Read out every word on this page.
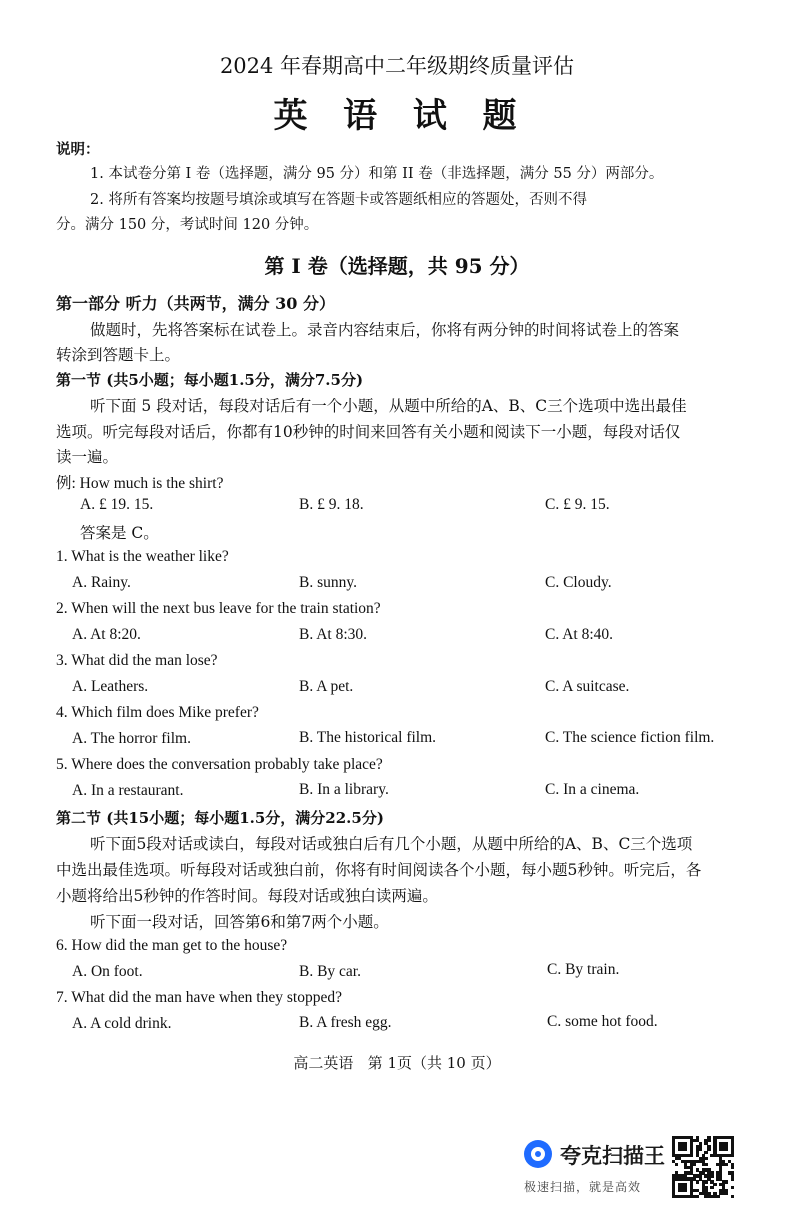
2024 年春期高中二年级期终质量评估
英  语  试  题
说明：
1. 本试卷分第 I 卷（选择题，满分 95 分）和第 II 卷（非选择题，满分 55 分）两部分。
2. 将所有答案均按题号填涂或填写在答题卡或答题纸相应的答题处，否则不得
分。满分 150 分，考试时间 120 分钟。
第 I 卷（选择题，共 95 分）
第一部分 听力（共两节，满分 30 分）
做题时，先将答案标在试卷上。录音内容结束后，你将有两分钟的时间将试卷上的答案
转涂到答题卡上。
第一节 (共5小题；每小题1.5分，满分7.5分)
听下面 5 段对话，每段对话后有一个小题，从题中所给的A、B、C三个选项中选出最佳
选项。听完每段对话后，你都有10秒钟的时间来回答有关小题和阅读下一小题，每段对话仅
读一遍。
例: How much is the shirt?
A. £ 19. 15.	B. £ 9. 18.	C. £ 9. 15.
答案是 C。
1. What is the weather like?
A. Rainy.	B. sunny.	C. Cloudy.
2. When will the next bus leave for the train station?
A. At 8:20.	B. At 8:30.	C. At 8:40.
3. What did the man lose?
A. Leathers.	B. A pet.	C. A suitcase.
4. Which film does Mike prefer?
A. The horror film.	B. The historical film.	C. The science fiction film.
5. Where does the conversation probably take place?
A. In a restaurant.	B. In a library.	C. In a cinema.
第二节 (共15小题；每小题1.5分，满分22.5分)
听下面5段对话或读白，每段对话或独白后有几个小题，从题中所给的A、B、C三个选项
中选出最佳选项。听每段对话或独白前，你将有时间阅读各个小题，每小题5秒钟。听完后，各
小题将给出5秒钟的作答时间。每段对话或独白读两遍。
听下面一段对话，回答第6和第7两个小题。
6. How did the man get to the house?
A. On foot.	B. By car.	C. By train.
7. What did the man have when they stopped?
A. A cold drink.	B. A fresh egg.	C. some hot food.
高二英语   第 1页（共 10 页）
夸克扫描王
极速扫描，就是高效
